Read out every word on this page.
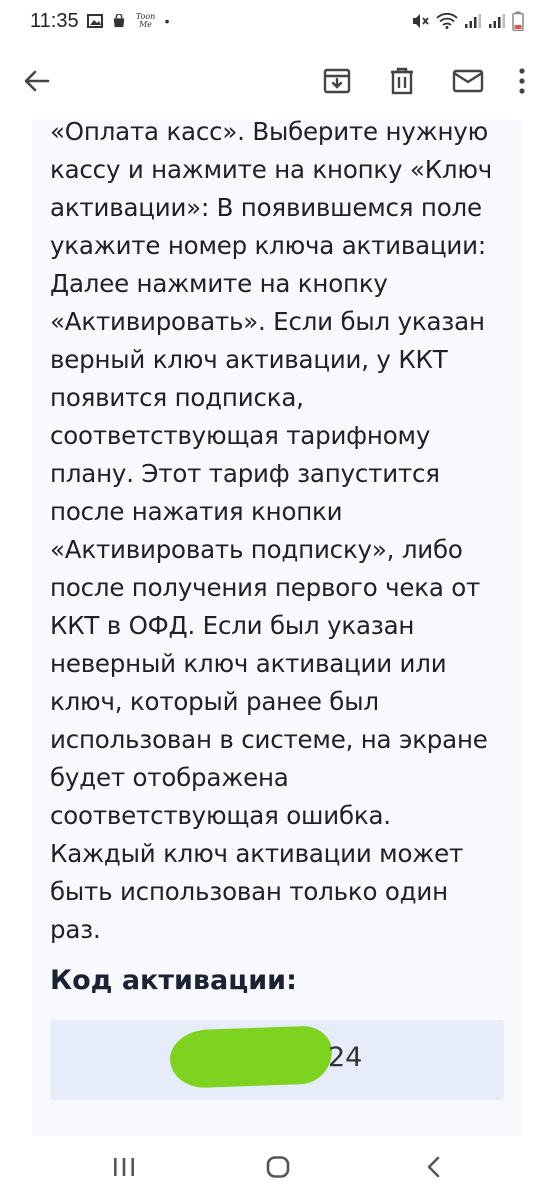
11:35	Toon
Me •
«Оплата касс». Выберите нужную
кассу и нажмите на кнопку «Ключ
активации»: В появившемся поле
укажите номер ключа активации:
Далее нажмите на кнопку
«Активировать». Если был указан
верный ключ активации, у ККТ
появится подписка,
соответствующая тарифному
плану. Этот тариф запустится
после нажатия кнопки
«Активировать подписку», либо
после получения первого чека от
ККТ в ОФД. Если был указан
неверный ключ активации или
ключ, который ранее был
использован в системе, на экране
будет отображена
соответствующая ошибка.
Каждый ключ активации может
быть использован только один
раз.
Код активации:
24
